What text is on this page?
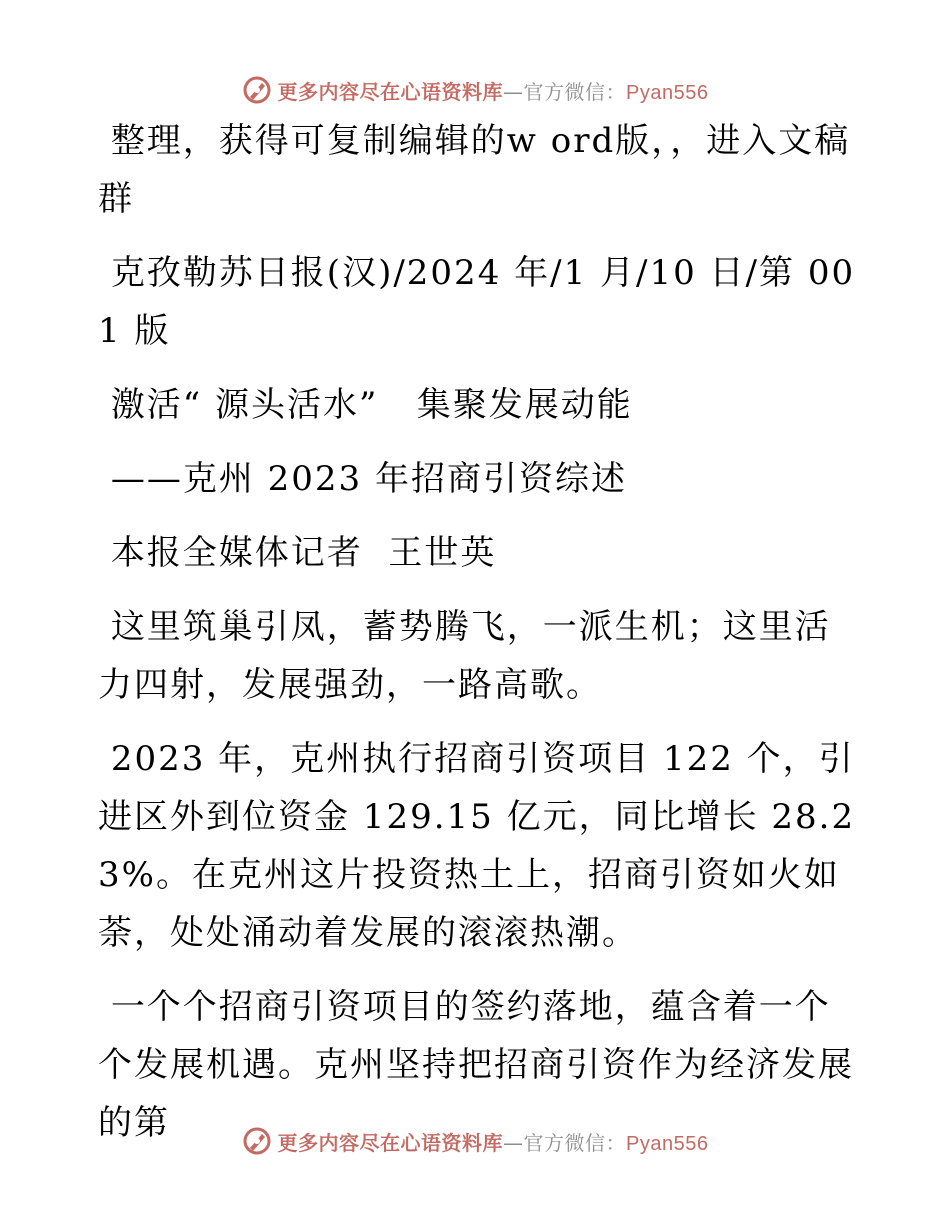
更多内容尽在心语资料库—官方微信：Pyan556

整理，获得可复制编辑的w ord版，，进入文稿群

克孜勒苏日报(汉)/2024 年/1 月/10 日/第 001 版

激活“ 源头活水”   集聚发展动能

——克州 2023 年招商引资综述

本报全媒体记者  王世英

这里筑巢引凤，蓄势腾飞，一派生机；这里活力四射，发展强劲，一路高歌。

2023 年，克州执行招商引资项目 122 个，引进区外到位资金 129.15 亿元，同比增长 28.23%。在克州这片投资热土上，招商引资如火如荼，处处涌动着发展的滚滚热潮。

一个个招商引资项目的签约落地，蕴含着一个个发展机遇。克州坚持把招商引资作为经济发展的第	更多内容尽在心语资料库—官方微信：Pyan556
